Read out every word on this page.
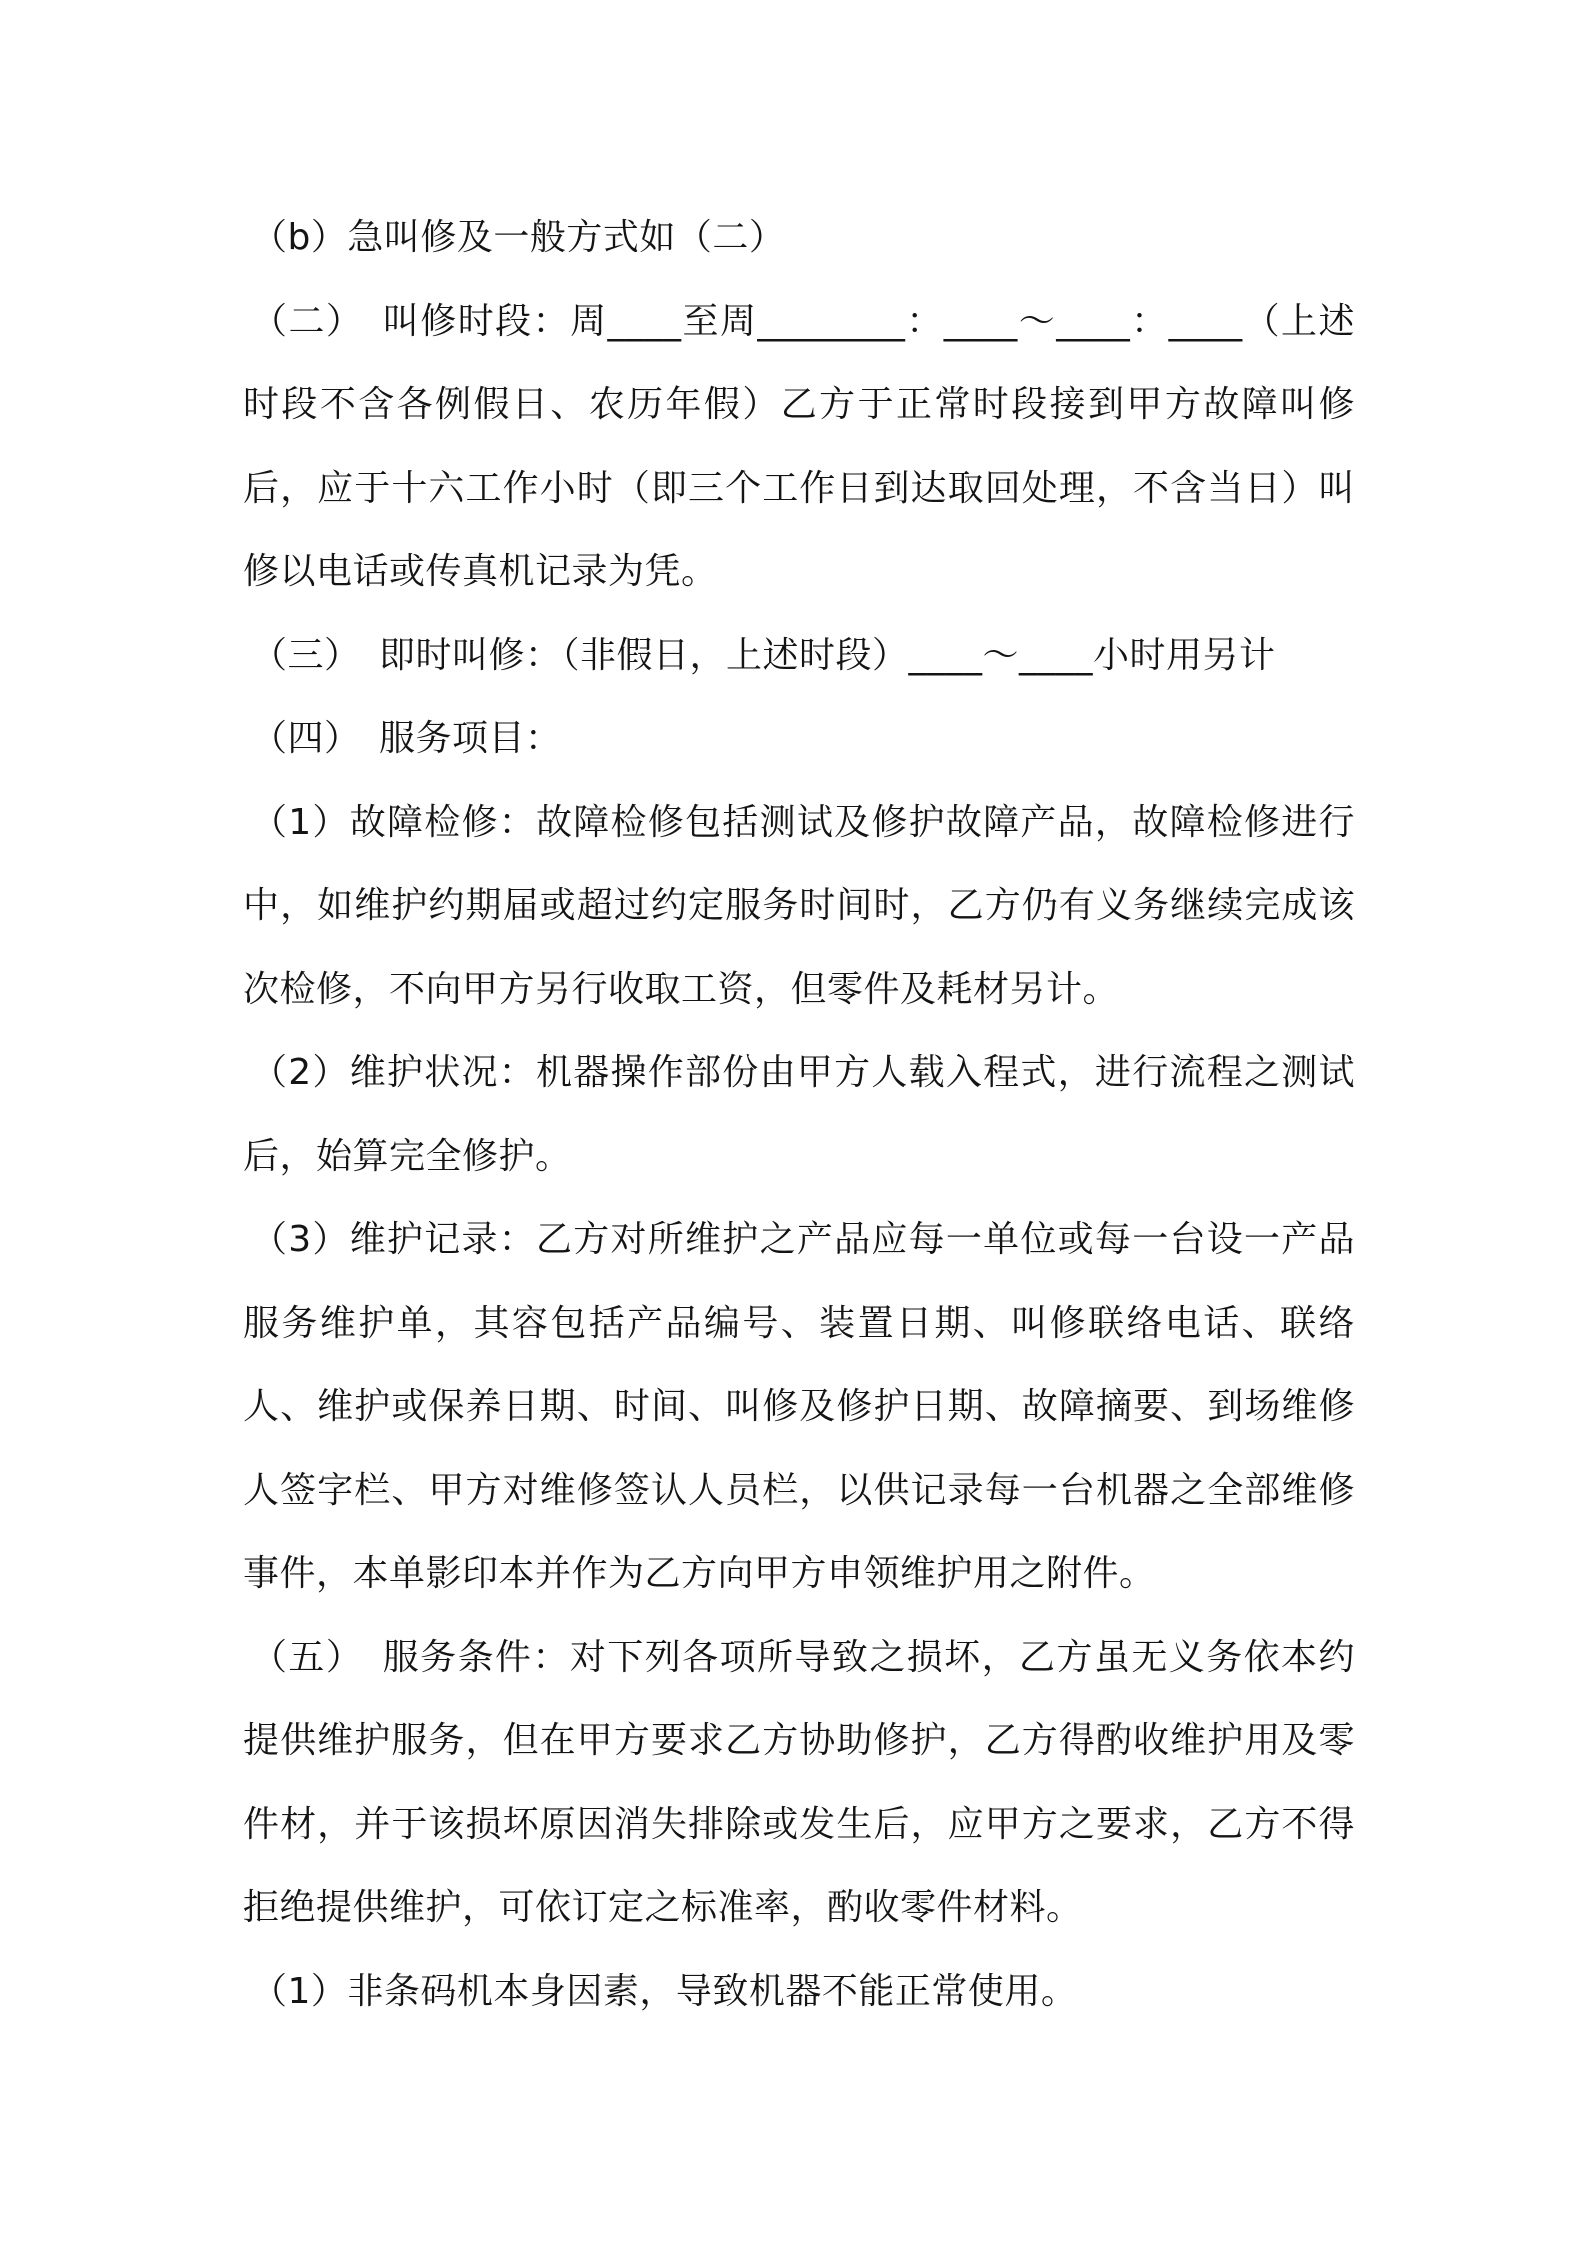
（b）急叫修及一般方式如（二）

（二）　叫修时段：周____至周________：____～____：____（上述时段不含各例假日、农历年假）乙方于正常时段接到甲方故障叫修后，应于十六工作小时（即三个工作日到达取回处理，不含当日）叫修以电话或传真机记录为凭。

（三）　即时叫修：（非假日，上述时段）____～____小时用另计

（四）　服务项目：

（1）故障检修：故障检修包括测试及修护故障产品，故障检修进行中，如维护约期届或超过约定服务时间时，乙方仍有义务继续完成该次检修，不向甲方另行收取工资，但零件及耗材另计。

（2）维护状况：机器操作部份由甲方人载入程式，进行流程之测试后，始算完全修护。

（3）维护记录：乙方对所维护之产品应每一单位或每一台设一产品服务维护单，其容包括产品编号、装置日期、叫修联络电话、联络人、维护或保养日期、时间、叫修及修护日期、故障摘要、到场维修人签字栏、甲方对维修签认人员栏，以供记录每一台机器之全部维修事件，本单影印本并作为乙方向甲方申领维护用之附件。

（五）　服务条件：对下列各项所导致之损坏，乙方虽无义务依本约提供维护服务，但在甲方要求乙方协助修护，乙方得酌收维护用及零件材，并于该损坏原因消失排除或发生后，应甲方之要求，乙方不得拒绝提供维护，可依订定之标准率，酌收零件材料。

（1）非条码机本身因素，导致机器不能正常使用。
